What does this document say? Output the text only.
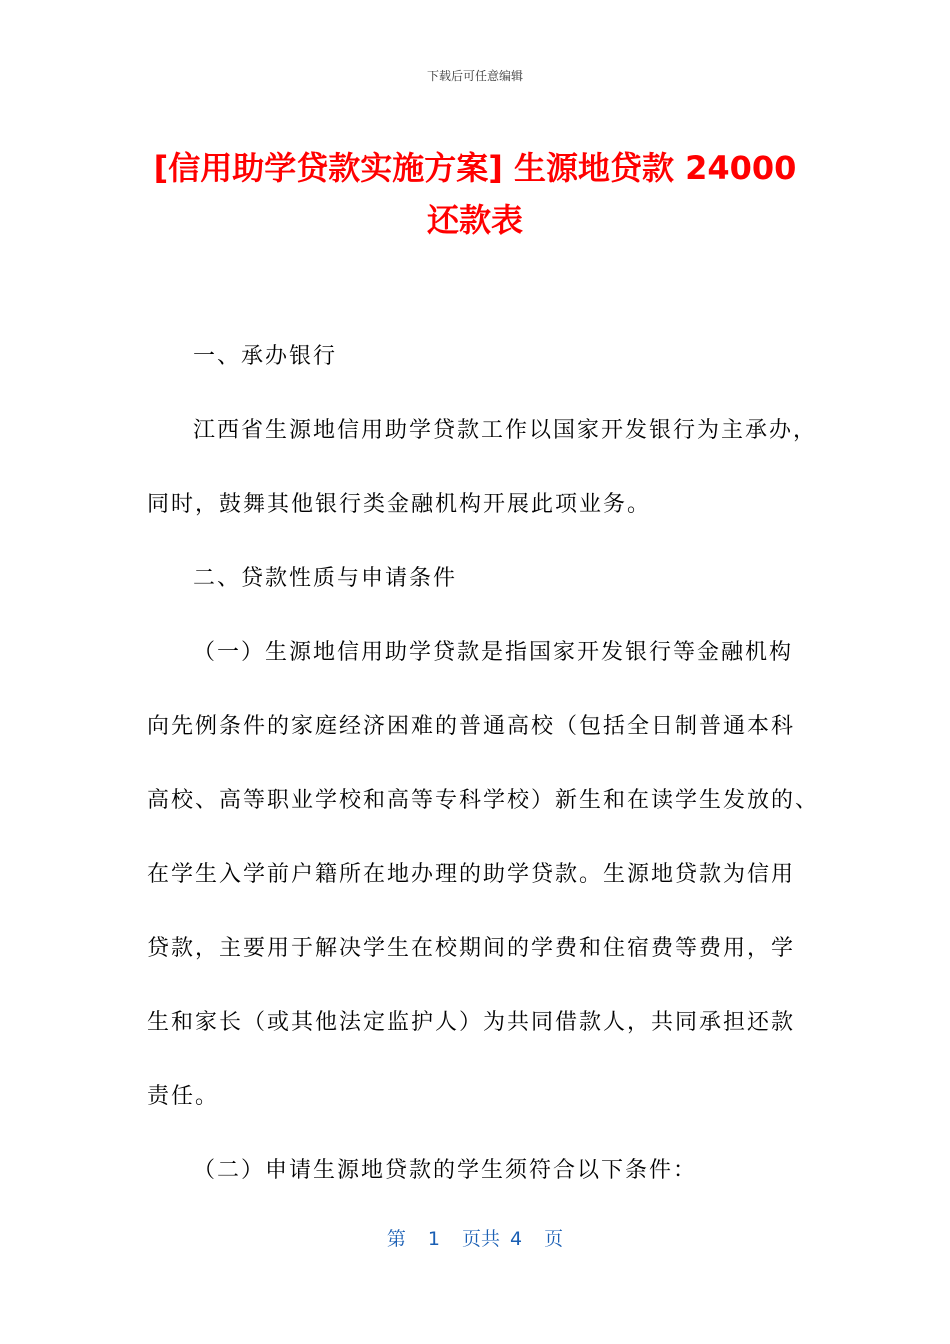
下载后可任意编辑
[信用助学贷款实施方案] 生源地贷款 24000
还款表

一、承办银行

江西省生源地信用助学贷款工作以国家开发银行为主承办，

同时，鼓舞其他银行类金融机构开展此项业务。

二、贷款性质与申请条件

（一）生源地信用助学贷款是指国家开发银行等金融机构

向先例条件的家庭经济困难的普通高校（包括全日制普通本科

高校、高等职业学校和高等专科学校）新生和在读学生发放的、

在学生入学前户籍所在地办理的助学贷款。生源地贷款为信用

贷款，主要用于解决学生在校期间的学费和住宿费等费用，学

生和家长（或其他法定监护人）为共同借款人，共同承担还款

责任。

（二）申请生源地贷款的学生须符合以下条件：

第 1 页共 4 页
